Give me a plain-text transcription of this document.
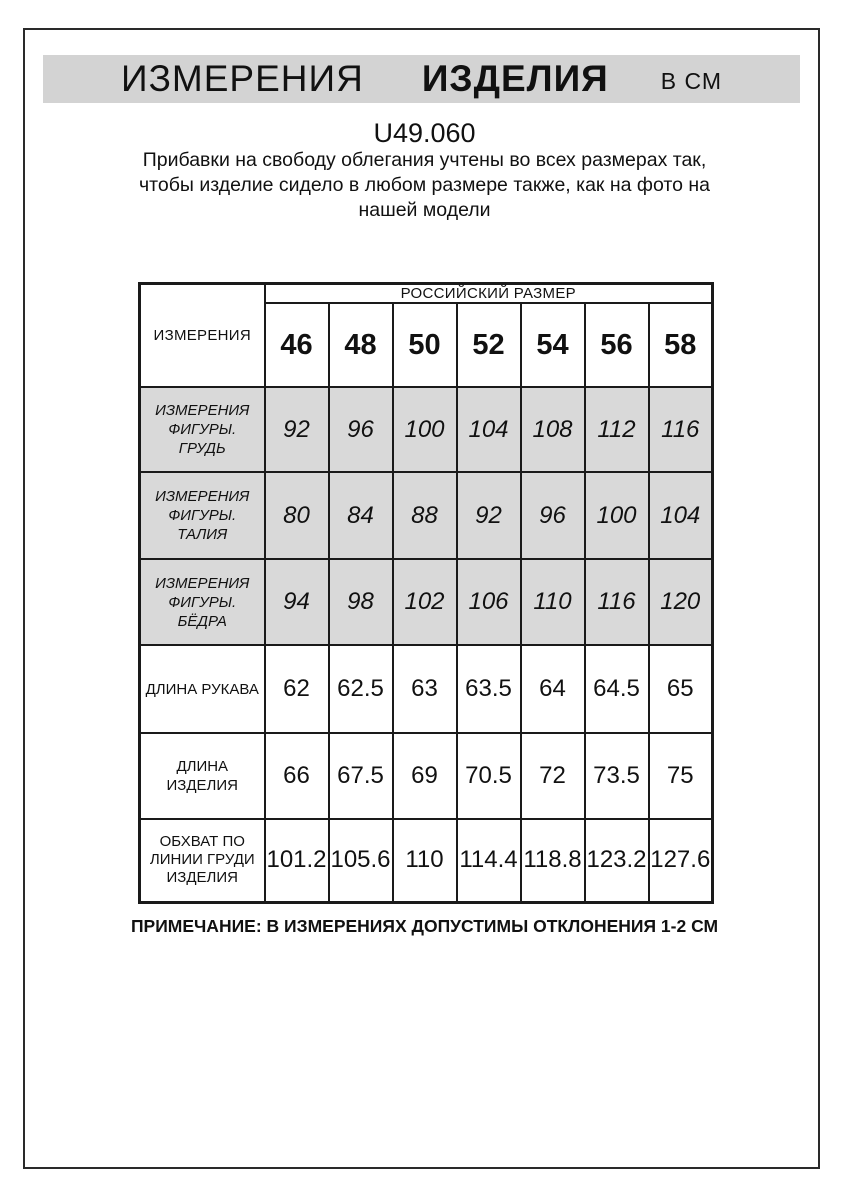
ИЗМЕРЕНИЯ ИЗДЕЛИЯ В СМ
U49.060
Прибавки на свободу облегания учтены во всех размерах так,
чтобы изделие сидело в любом размере также, как на фото на
нашей модели
ИЗМЕРЕНИЯ	РОССИЙСКИЙ РАЗМЕР						
	46	48	50	52	54	56	58
ИЗМЕРЕНИЯ ФИГУРЫ. ГРУДЬ	92	96	100	104	108	112	116
ИЗМЕРЕНИЯ ФИГУРЫ. ТАЛИЯ	80	84	88	92	96	100	104
ИЗМЕРЕНИЯ ФИГУРЫ. БЁДРА	94	98	102	106	110	116	120
ДЛИНА РУКАВА	62	62.5	63	63.5	64	64.5	65
ДЛИНА ИЗДЕЛИЯ	66	67.5	69	70.5	72	73.5	75
ОБХВАТ ПО ЛИНИИ ГРУДИ ИЗДЕЛИЯ	101.2	105.6	110	114.4	118.8	123.2	127.6
ПРИМЕЧАНИЕ: В ИЗМЕРЕНИЯХ ДОПУСТИМЫ ОТКЛОНЕНИЯ 1-2 СМ
